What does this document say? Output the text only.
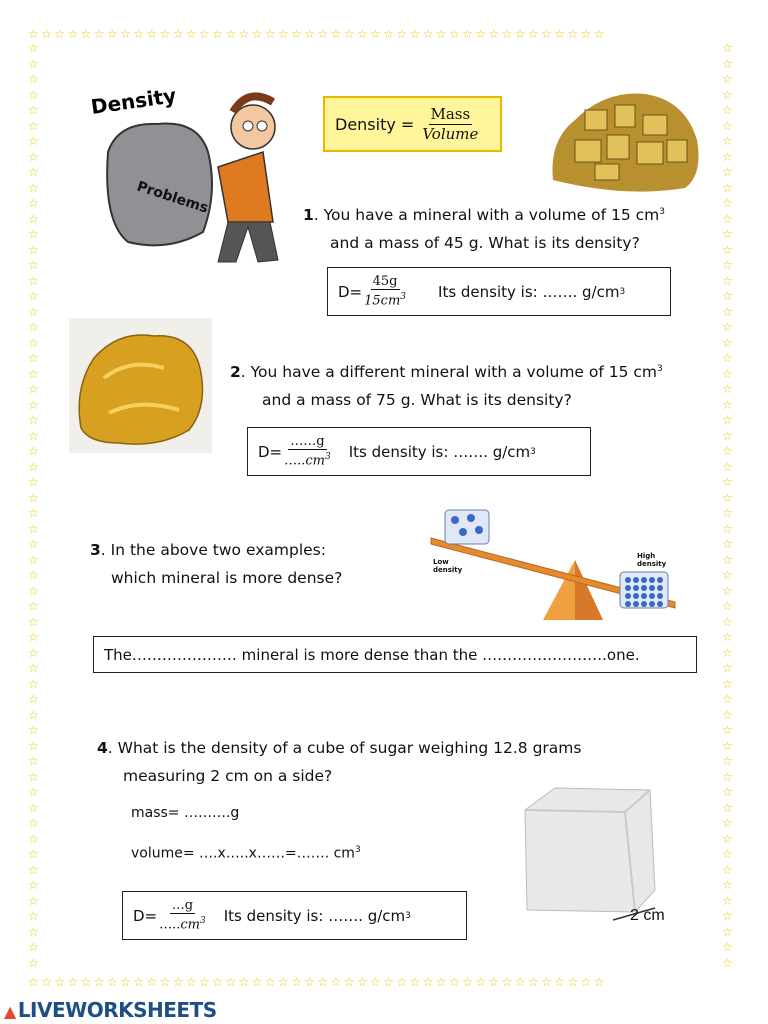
☆ ☆ ☆ ☆ ☆ ☆ ☆ ☆ ☆ ☆ ☆ ☆ ☆ ☆ ☆ ☆ ☆ ☆ ☆ ☆ ☆ ☆ ☆ ☆ ☆ ☆ ☆ ☆ ☆ ☆ ☆ ☆ ☆ ☆ ☆ ☆ ☆ ☆ ☆ ☆ ☆ ☆ ☆ ☆ 
☆ ☆ ☆ ☆ ☆ ☆ ☆ ☆ ☆ ☆ ☆ ☆ ☆ ☆ ☆ ☆ ☆ ☆ ☆ ☆ ☆ ☆ ☆ ☆ ☆ ☆ ☆ ☆ ☆ ☆ ☆ ☆ ☆ ☆ ☆ ☆ ☆ ☆ ☆ ☆ ☆ ☆ ☆ ☆ 
☆
☆
☆
☆
☆
☆
☆
☆
☆
☆
☆
☆
☆
☆
☆
☆
☆
☆
☆
☆
☆
☆
☆
☆
☆
☆
☆
☆
☆
☆
☆
☆
☆
☆
☆
☆
☆
☆
☆
☆
☆
☆
☆
☆
☆
☆
☆
☆
☆
☆
☆
☆
☆
☆
☆
☆
☆
☆
☆
☆
☆
☆
☆
☆
☆
☆
☆
☆
☆
☆
☆
☆
☆
☆
☆
☆
☆
☆
☆
☆
☆
☆
☆
☆
☆
☆
☆
☆
☆
☆
☆
☆
☆
☆
☆
☆
☆
☆
☆
☆
☆
☆
☆
☆
☆
☆
☆
☆
☆
☆
☆
☆
☆
☆
☆
☆
☆
☆
☆
☆
Density
Problems
Density = $\frac{\text{Mass}}{\text{Volume}}$
1. You have a mineral with a volume of 15 $cm^3$
and a mass of 45 g. What is its density?
$D= \frac{45g}{15cm^3}$ Its density is: ……. g/cm 3
2. You have a different mineral with a volume of 15 $cm^3$
and a mass of 75 g. What is its density?
$D= \frac{\dots\dots g}{\dots..cm^3}$ Its density is: ……. g/cm 3
3. In the above two examples:
which mineral is more dense?
Low density
High density
The………………… mineral is more dense than the …………………….one.
4. What is the density of a cube of sugar weighing 12.8 grams
measuring 2 cm on a side?
mass= ……….g
volume= ….x…..x……=……. $cm^3$
$D= \frac{\dots g}{\dots..cm^3}$ Its density is: ……. g/cm 3	2 cm
▲ LIVEWORKSHEETS
